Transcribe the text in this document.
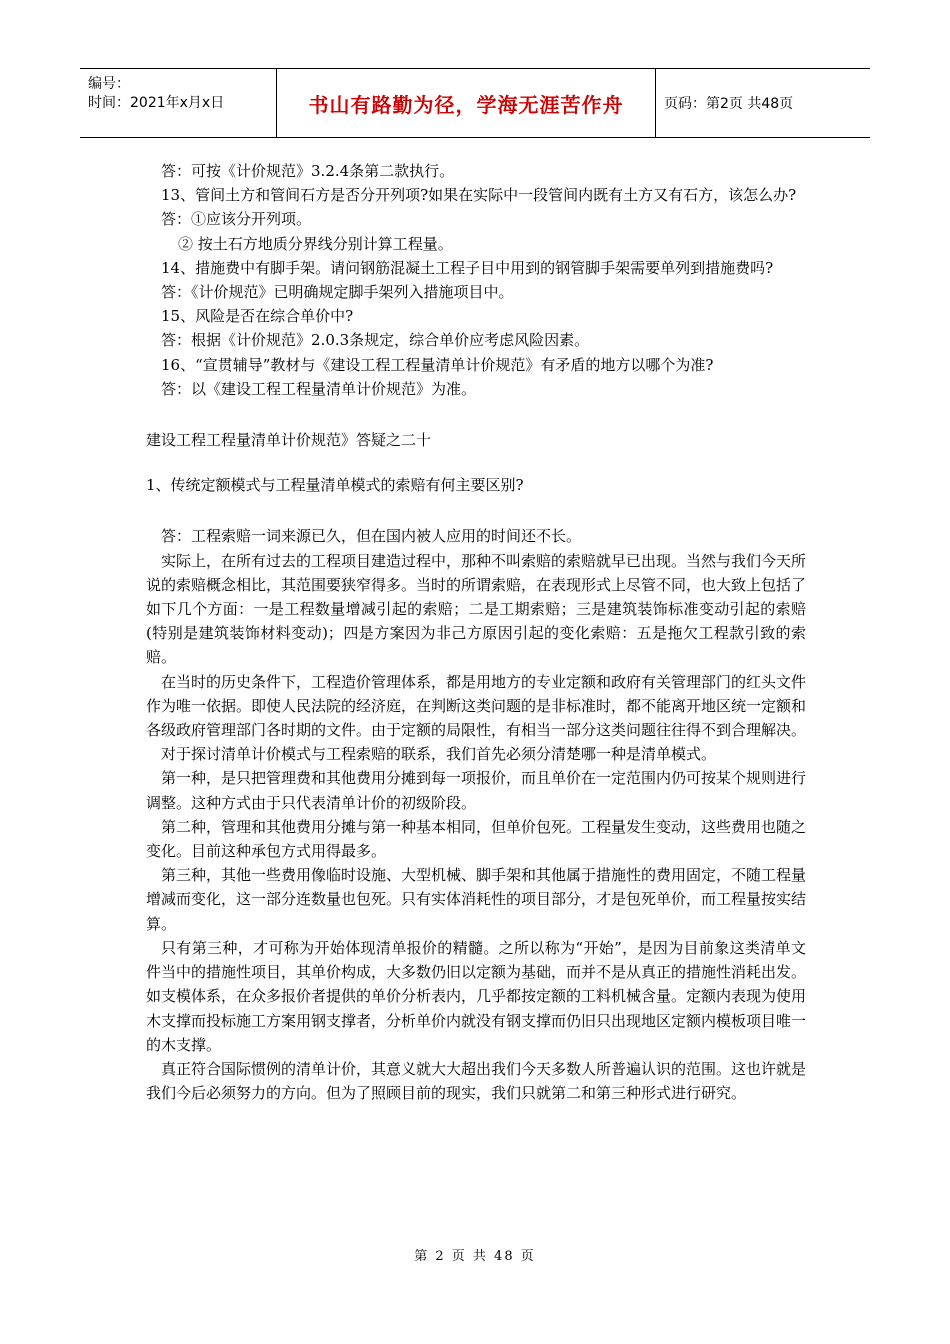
编号：
时间：2021年x月x日	书山有路勤为径，学海无涯苦作舟	页码：第2页 共48页

答：可按《计价规范》3.2.4条第二款执行。

13、管间土方和管间石方是否分开列项?如果在实际中一段管间内既有土方又有石方，该怎么办?

答：①应该分开列项。

② 按土石方地质分界线分别计算工程量。

14、措施费中有脚手架。请问钢筋混凝土工程子目中用到的钢管脚手架需要单列到措施费吗?

答：《计价规范》已明确规定脚手架列入措施项目中。

15、风险是否在综合单价中?

答：根据《计价规范》2.0.3条规定，综合单价应考虑风险因素。

16、“宣贯辅导”教材与《建设工程工程量清单计价规范》有矛盾的地方以哪个为准?

答：以《建设工程工程量清单计价规范》为准。

建设工程工程量清单计价规范》答疑之二十

1、传统定额模式与工程量清单模式的索赔有何主要区别?

答：工程索赔一词来源已久，但在国内被人应用的时间还不长。

实际上，在所有过去的工程项目建造过程中，那种不叫索赔的索赔就早已出现。当然与我们今天所说的索赔概念相比，其范围要狭窄得多。当时的所谓索赔，在表现形式上尽管不同，也大致上包括了如下几个方面：一是工程数量增减引起的索赔；二是工期索赔；三是建筑装饰标准变动引起的索赔(特别是建筑装饰材料变动)；四是方案因为非己方原因引起的变化索赔：五是拖欠工程款引致的索赔。

在当时的历史条件下，工程造价管理体系，都是用地方的专业定额和政府有关管理部门的红头文件作为唯一依据。即使人民法院的经济庭，在判断这类问题的是非标准时，都不能离开地区统一定额和各级政府管理部门各时期的文件。由于定额的局限性，有相当一部分这类问题往往得不到合理解决。

对于探讨清单计价模式与工程索赔的联系，我们首先必须分清楚哪一种是清单模式。

第一种，是只把管理费和其他费用分摊到每一项报价，而且单价在一定范围内仍可按某个规则进行调整。这种方式由于只代表清单计价的初级阶段。

第二种，管理和其他费用分摊与第一种基本相同，但单价包死。工程量发生变动，这些费用也随之变化。目前这种承包方式用得最多。

第三种，其他一些费用像临时设施、大型机械、脚手架和其他属于措施性的费用固定，不随工程量增减而变化，这一部分连数量也包死。只有实体消耗性的项目部分，才是包死单价，而工程量按实结算。

只有第三种，才可称为开始体现清单报价的精髓。之所以称为“开始”，是因为目前象这类清单文件当中的措施性项目，其单价构成，大多数仍旧以定额为基础，而并不是从真正的措施性消耗出发。如支模体系，在众多报价者提供的单价分析表内，几乎都按定额的工料机械含量。定额内表现为使用木支撑而投标施工方案用钢支撑者，分析单价内就没有钢支撑而仍旧只出现地区定额内模板项目唯一的木支撑。

真正符合国际惯例的清单计价，其意义就大大超出我们今天多数人所普遍认识的范围。这也许就是我们今后必须努力的方向。但为了照顾目前的现实，我们只就第二和第三种形式进行研究。

第 2 页 共 48 页
